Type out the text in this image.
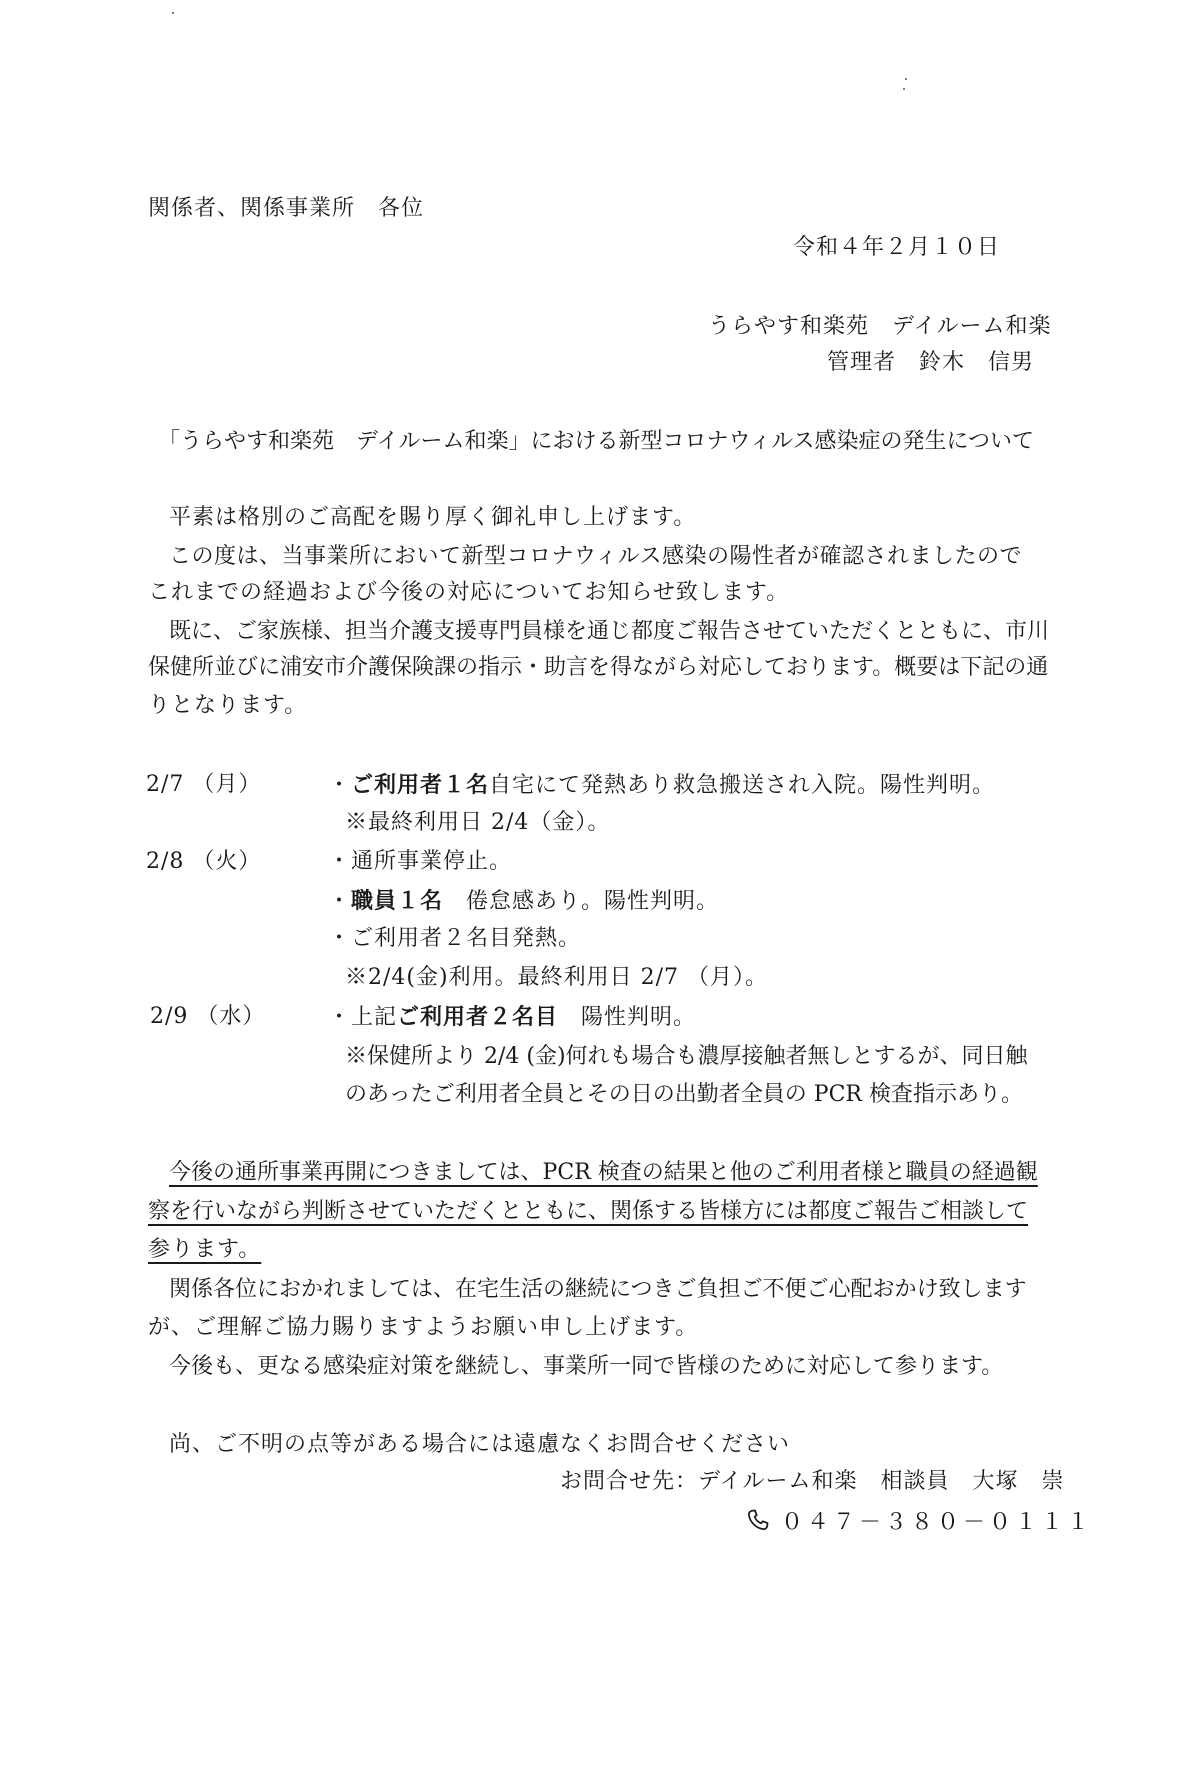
関係者、関係事業所　各位
令和４年２月１０日
うらやす和楽苑　デイルーム和楽
管理者　鈴木　信男
「うらやす和楽苑　デイルーム和楽」における新型コロナウィルス感染症の発生について
平素は格別のご高配を賜り厚く御礼申し上げます。
この度は、当事業所において新型コロナウィルス感染の陽性者が確認されましたので
これまでの経過および今後の対応についてお知らせ致します。
既に、ご家族様、担当介護支援専門員様を通じ都度ご報告させていただくとともに、市川
保健所並びに浦安市介護保険課の指示・助言を得ながら対応しております。概要は下記の通
りとなります。
2/7 （月）	・ご利用者１名自宅にて発熱あり救急搬送され入院。陽性判明。
※最終利用日 2/4（金）。
2/8 （火）	・通所事業停止。
・職員１名　倦怠感あり。陽性判明。
・ご利用者２名目発熱。
※2/4(金)利用。最終利用日 2/7 （月）。
2/9 （水）	・上記ご利用者２名目　陽性判明。
※保健所より 2/4 (金)何れも場合も濃厚接触者無しとするが、同日触
のあったご利用者全員とその日の出勤者全員の PCR 検査指示あり。
今後の通所事業再開につきましては、PCR 検査の結果と他のご利用者様と職員の経過観
察を行いながら判断させていただくとともに、関係する皆様方には都度ご報告ご相談して
参ります。
関係各位におかれましては、在宅生活の継続につきご負担ご不便ご心配おかけ致します
が、ご理解ご協力賜りますようお願い申し上げます。
今後も、更なる感染症対策を継続し、事業所一同で皆様のために対応して参ります。
尚、ご不明の点等がある場合には遠慮なくお問合せください
お問合せ先：デイルーム和楽　相談員　大塚　崇
０４７－３８０－０１１１
